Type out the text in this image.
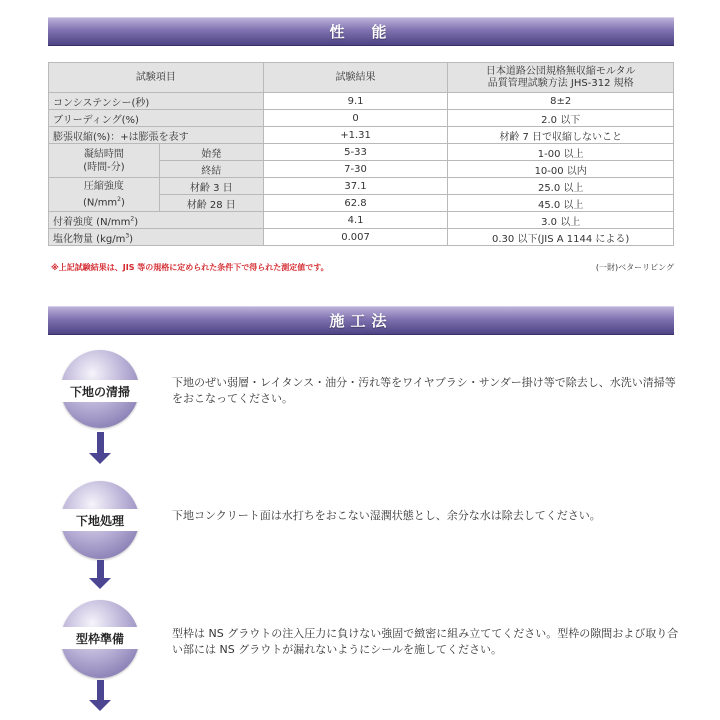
性　能
試験項目		試験結果	日本道路公団規格無収縮モルタル
品質管理試験方法 JHS-312 規格

コンシステンシー(秒)		9.1	8±2
ブリーディング(%)		0	2.0 以下
膨張収縮(%)：+は膨張を表す		+1.31	材齢 7 日で収縮しないこと

凝結時間
(時間-分)	始発	5-33	1-00 以上
	終結	7-30	10-00 以内

圧縮強度
$(N/mm^2)$	材齢 3 日	37.1	25.0 以上
	材齢 28 日	62.8	45.0 以上
付着強度 $(N/mm^2)$		4.1	3.0 以上
塩化物量 $(kg/m^3)$		0.007	0.30 以下(JIS A 1144 による)
※上記試験結果は、JIS 等の規格に定められた条件下で得られた測定値です。	(一財)ベターリビング
施工法
下地の清掃
下地のぜい弱層・レイタンス・油分・汚れ等をワイヤブラシ・サンダー掛け等で除去し、水洗い清掃等をおこなってください。
下地処理	下地コンクリート面は水打ちをおこない湿潤状態とし、余分な水は除去してください。
型枠準備	型枠は NS グラウトの注入圧力に負けない強固で緻密に組み立ててください。型枠の隙間および取り合い部には NS グラウトが漏れないようにシールを施してください。
